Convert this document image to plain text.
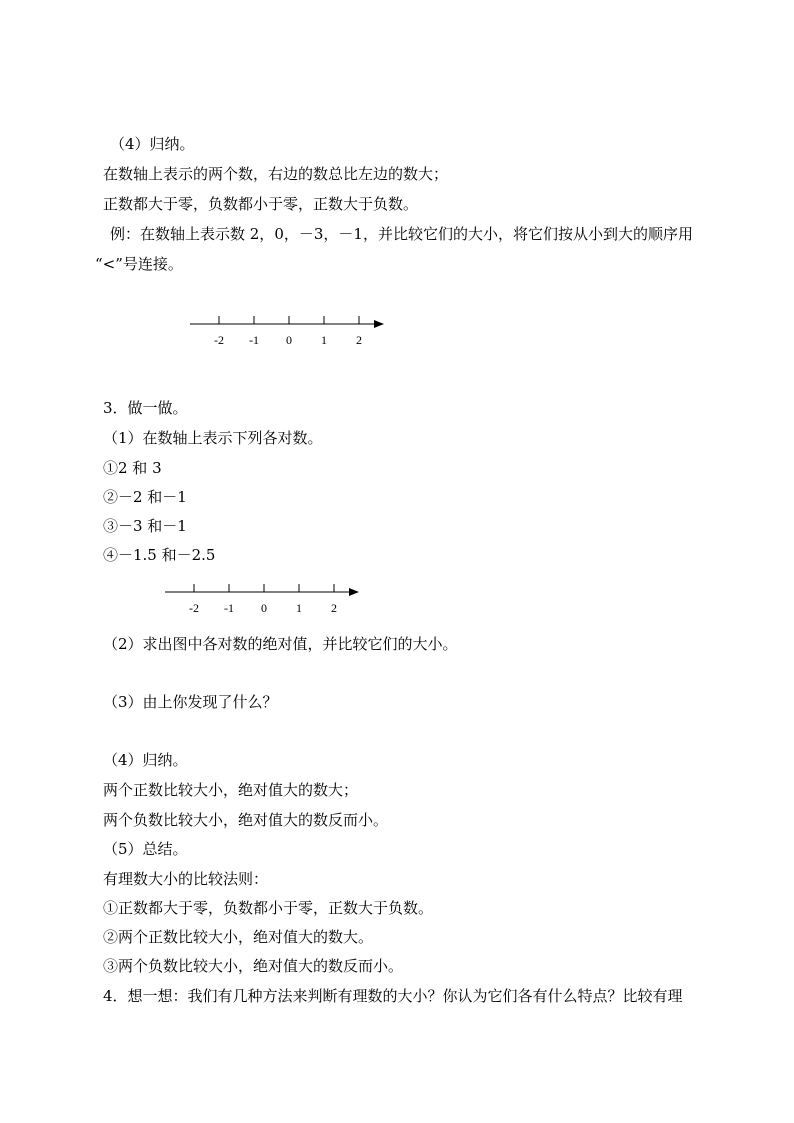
（4）归纳。
在数轴上表示的两个数，右边的数总比左边的数大；
正数都大于零，负数都小于零，正数大于负数。
例：在数轴上表示数 2，0，－3，－1，并比较它们的大小，将它们按从小到大的顺序用
“<”号连接。
-2 -1 0 1 2
3．做一做。
（1）在数轴上表示下列各对数。
①2 和 3
②－2 和－1
③－3 和－1
④－1.5 和－2.5
-2 -1 0 1 2
（2）求出图中各对数的绝对值，并比较它们的大小。
（3）由上你发现了什么？
（4）归纳。
两个正数比较大小，绝对值大的数大；
两个负数比较大小，绝对值大的数反而小。
（5）总结。
有理数大小的比较法则：
①正数都大于零，负数都小于零，正数大于负数。
②两个正数比较大小，绝对值大的数大。
③两个负数比较大小，绝对值大的数反而小。
4．想一想：我们有几种方法来判断有理数的大小？你认为它们各有什么特点？比较有理
